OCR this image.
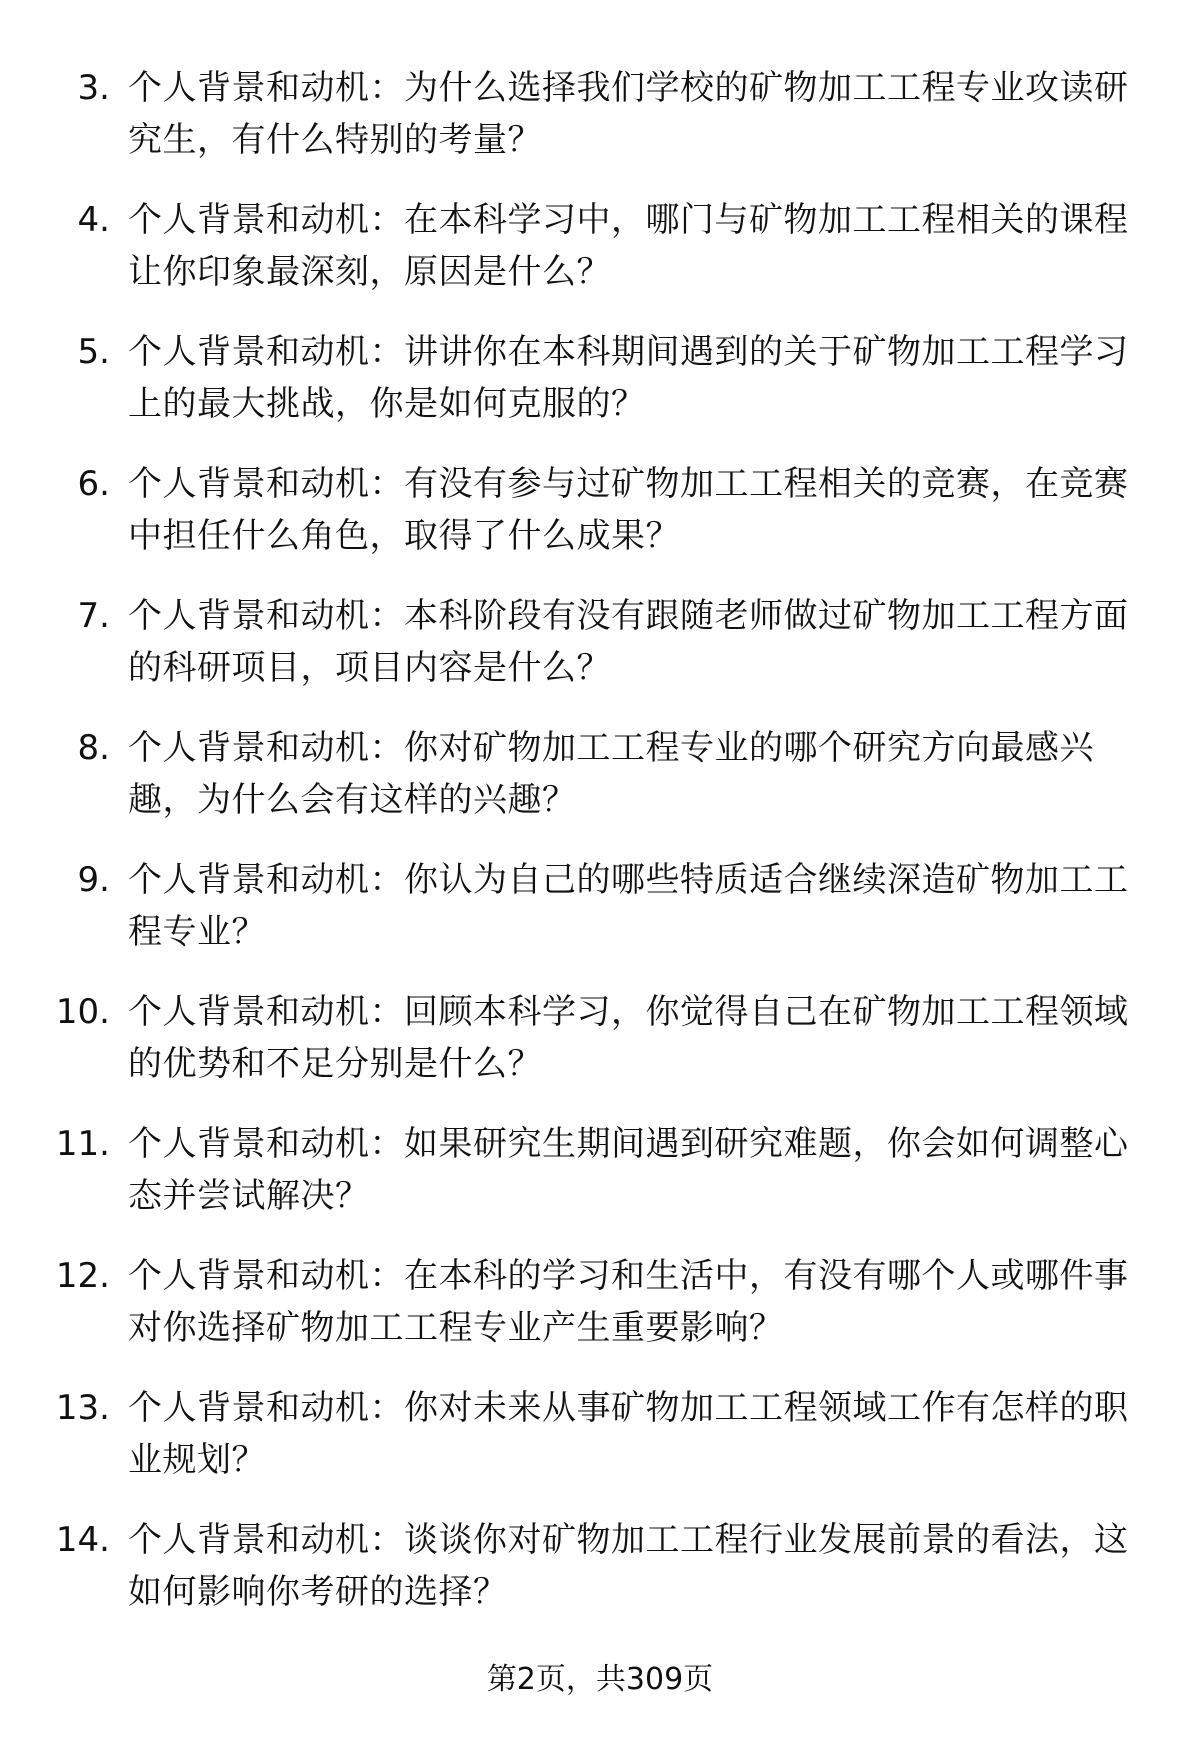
3. 个人背景和动机：为什么选择我们学校的矿物加工工程专业攻读研究生，有什么特别的考量？
4. 个人背景和动机：在本科学习中，哪门与矿物加工工程相关的课程让你印象最深刻，原因是什么？
5. 个人背景和动机：讲讲你在本科期间遇到的关于矿物加工工程学习上的最大挑战，你是如何克服的？
6. 个人背景和动机：有没有参与过矿物加工工程相关的竞赛，在竞赛中担任什么角色，取得了什么成果？
7. 个人背景和动机：本科阶段有没有跟随老师做过矿物加工工程方面的科研项目，项目内容是什么？
8. 个人背景和动机：你对矿物加工工程专业的哪个研究方向最感兴趣，为什么会有这样的兴趣？
9. 个人背景和动机：你认为自己的哪些特质适合继续深造矿物加工工程专业？
10. 个人背景和动机：回顾本科学习，你觉得自己在矿物加工工程领域的优势和不足分别是什么？
11. 个人背景和动机：如果研究生期间遇到研究难题，你会如何调整心态并尝试解决？
12. 个人背景和动机：在本科的学习和生活中，有没有哪个人或哪件事对你选择矿物加工工程专业产生重要影响？
13. 个人背景和动机：你对未来从事矿物加工工程领域工作有怎样的职业规划？
14. 个人背景和动机：谈谈你对矿物加工工程行业发展前景的看法，这如何影响你考研的选择？
第2页，共309页
